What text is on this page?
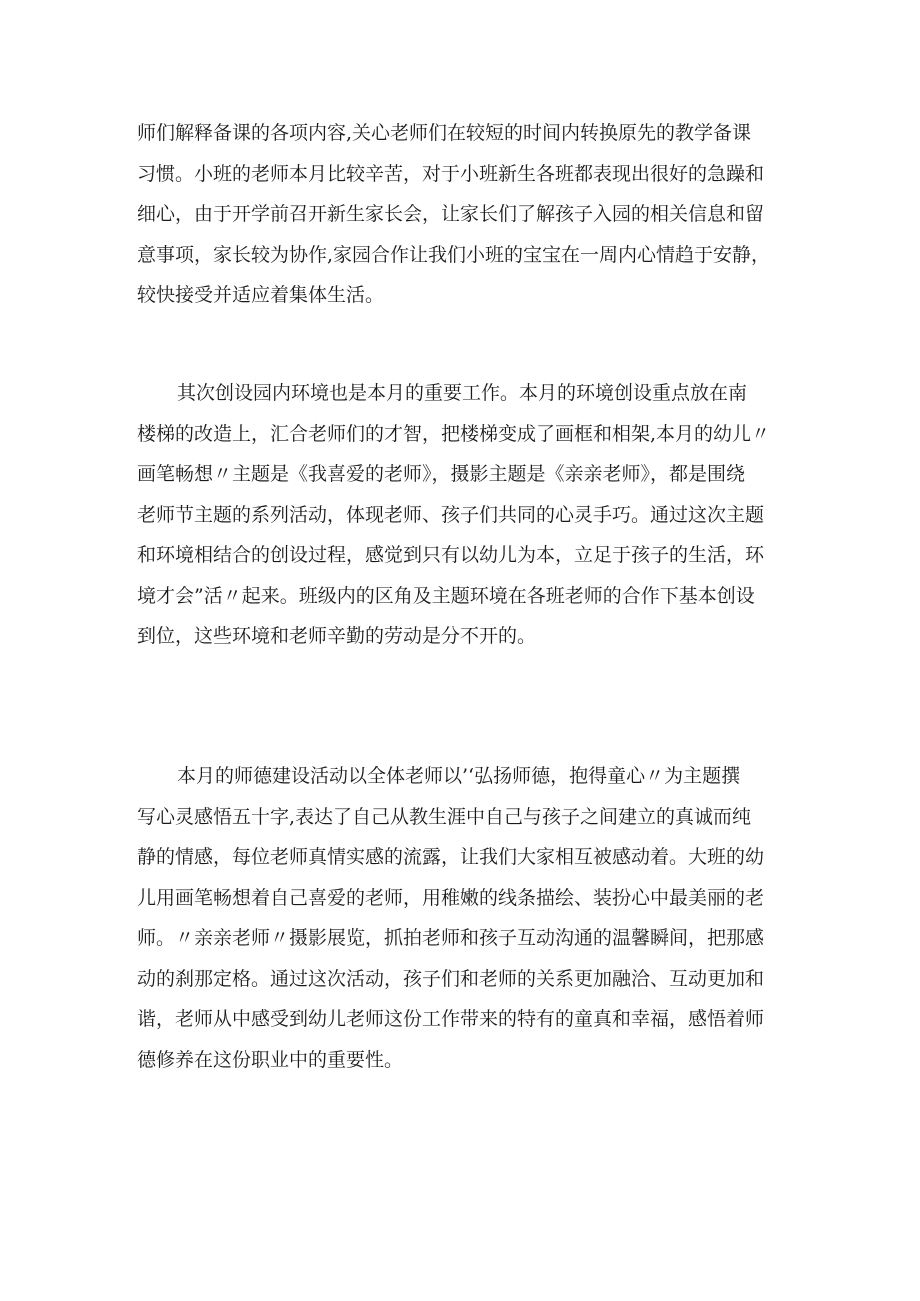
师们解释备课的各项内容,关心老师们在较短的时间内转换原先的教学备课
习惯。小班的老师本月比较辛苦，对于小班新生各班都表现出很好的急躁和
细心，由于开学前召开新生家长会，让家长们了解孩子入园的相关信息和留
意事项，家长较为协作,家园合作让我们小班的宝宝在一周内心情趋于安静，
较快接受并适应着集体生活。

其次创设园内环境也是本月的重要工作。本月的环境创设重点放在南
楼梯的改造上，汇合老师们的才智，把楼梯变成了画框和相架,本月的幼儿〃
画笔畅想〃主题是《我喜爱的老师》，摄影主题是《亲亲老师》，都是围绕
老师节主题的系列活动，体现老师、孩子们共同的心灵手巧。通过这次主题
和环境相结合的创设过程，感觉到只有以幼儿为本，立足于孩子的生活，环
境才会”活〃起来。班级内的区角及主题环境在各班老师的合作下基本创设
到位，这些环境和老师辛勤的劳动是分不开的。

本月的师德建设活动以全体老师以’‘弘扬师德，抱得童心〃为主题撰
写心灵感悟五十字,表达了自己从教生涯中自己与孩子之间建立的真诚而纯
静的情感，每位老师真情实感的流露，让我们大家相互被感动着。大班的幼
儿用画笔畅想着自己喜爱的老师，用稚嫩的线条描绘、装扮心中最美丽的老
师。〃亲亲老师〃摄影展览，抓拍老师和孩子互动沟通的温馨瞬间，把那感
动的刹那定格。通过这次活动，孩子们和老师的关系更加融洽、互动更加和
谐，老师从中感受到幼儿老师这份工作带来的特有的童真和幸福，感悟着师
德修养在这份职业中的重要性。
